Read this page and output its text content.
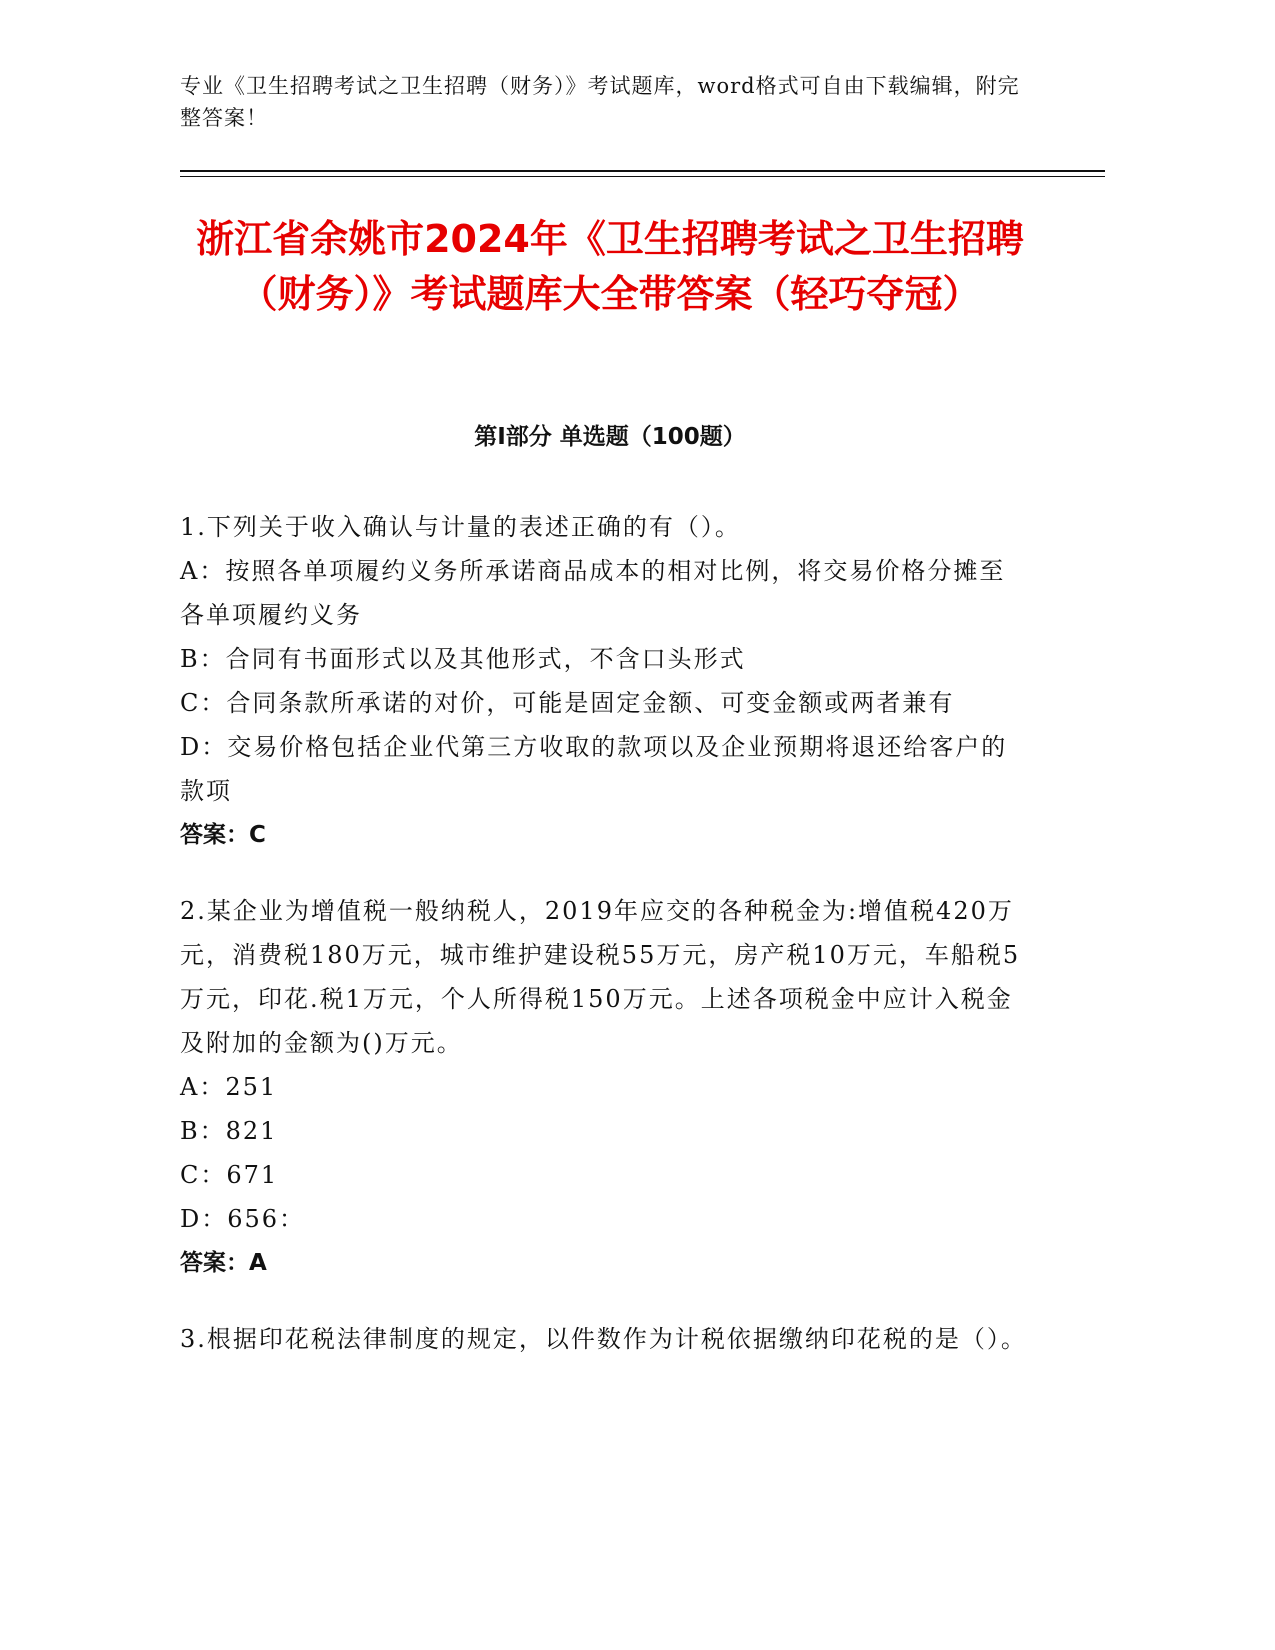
专业《卫生招聘考试之卫生招聘（财务）》考试题库，word格式可自由下载编辑，附完整答案！
浙江省余姚市2024年《卫生招聘考试之卫生招聘（财务）》考试题库大全带答案（轻巧夺冠）
第I部分 单选题（100题）
1.下列关于收入确认与计量的表述正确的有（）。
A：按照各单项履约义务所承诺商品成本的相对比例，将交易价格分摊至各单项履约义务
B：合同有书面形式以及其他形式，不含口头形式
C：合同条款所承诺的对价，可能是固定金额、可变金额或两者兼有
D：交易价格包括企业代第三方收取的款项以及企业预期将退还给客户的款项
答案：C
2.某企业为增值税一般纳税人，2019年应交的各种税金为:增值税420万元，消费税180万元，城市维护建设税55万元，房产税10万元，车船税5万元，印花.税1万元，个人所得税150万元。上述各项税金中应计入税金及附加的金额为()万元。
A：251
B：821
C：671
D：656：
答案：A
3.根据印花税法律制度的规定，以件数作为计税依据缴纳印花税的是（）。
